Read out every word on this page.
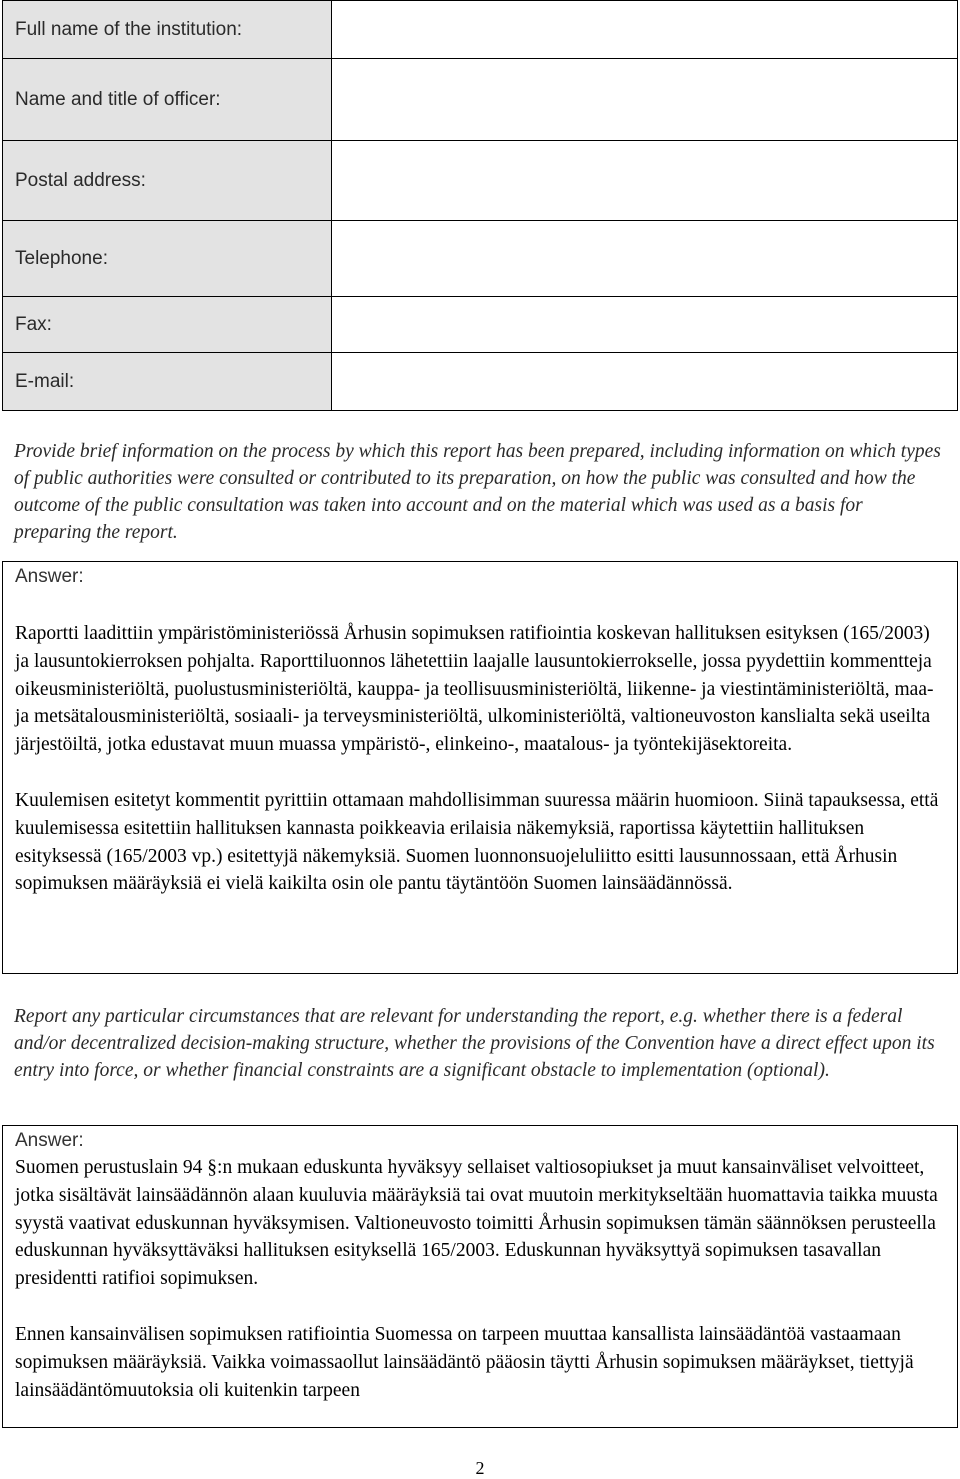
Full name of the institution:	
Name and title of officer:	
Postal address:	
Telephone:	
Fax:	
E-mail:	

Provide brief information on the process by which this report has been prepared, including information on which types of public authorities were consulted or contributed to its preparation, on how the public was consulted and how the outcome of the public consultation was taken into account and on the material which was used as a basis for preparing the report.

Answer:

Raportti laadittiin ympäristöministeriössä Århusin sopimuksen ratifiointia koskevan hallituksen esityksen (165/2003) ja lausuntokierroksen pohjalta. Raporttiluonnos lähetettiin laajalle lausuntokierrokselle, jossa pyydettiin kommentteja oikeusministeriöltä, puolustusministeriöltä, kauppa- ja teollisuusministeriöltä, liikenne- ja viestintäministeriöltä, maa- ja metsätalousministeriöltä, sosiaali- ja terveysministeriöltä, ulkoministeriöltä, valtioneuvoston kanslialta sekä useilta järjestöiltä, jotka edustavat muun muassa ympäristö-, elinkeino-, maatalous- ja työntekijäsektoreita.

Kuulemisen esitetyt kommentit pyrittiin ottamaan mahdollisimman suuressa määrin huomioon. Siinä tapauksessa, että kuulemisessa esitettiin hallituksen kannasta poikkeavia erilaisia näkemyksiä, raportissa käytettiin hallituksen esityksessä (165/2003 vp.) esitettyjä näkemyksiä. Suomen luonnonsuojeluliitto esitti lausunnossaan, että Århusin sopimuksen määräyksiä ei vielä kaikilta osin ole pantu täytäntöön Suomen lainsäädännössä.

Report any particular circumstances that are relevant for understanding the report, e.g. whether there is a federal and/or decentralized decision-making structure, whether the provisions of the Convention have a direct effect upon its entry into force, or whether financial constraints are a significant obstacle to implementation (optional).

Answer:

Suomen perustuslain 94 §:n mukaan eduskunta hyväksyy sellaiset valtiosopiukset ja muut kansainväliset velvoitteet, jotka sisältävät lainsäädännön alaan kuuluvia määräyksiä tai ovat muutoin merkitykseltään huomattavia taikka muusta syystä vaativat eduskunnan hyväksymisen. Valtioneuvosto toimitti Århusin sopimuksen tämän säännöksen perusteella eduskunnan hyväksyttäväksi hallituksen esityksellä 165/2003. Eduskunnan hyväksyttyä sopimuksen tasavallan presidentti ratifioi sopimuksen.

Ennen kansainvälisen sopimuksen ratifiointia Suomessa on tarpeen muuttaa kansallista lainsäädäntöä vastaamaan sopimuksen määräyksiä. Vaikka voimassaollut lainsäädäntö pääosin täytti Århusin sopimuksen määräykset, tiettyjä lainsäädäntömuutoksia oli kuitenkin tarpeen

2
